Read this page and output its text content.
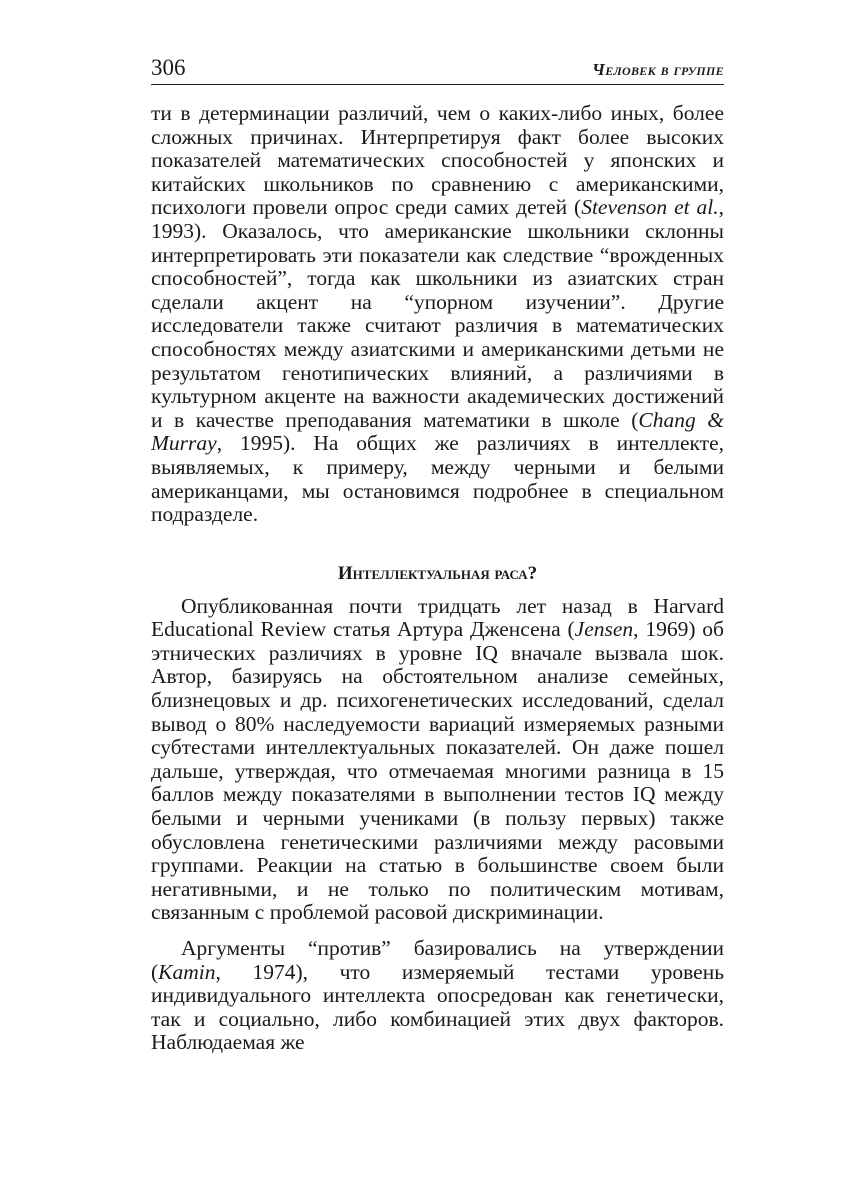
306	Человек в группе

ти в детерминации различий, чем о каких-либо иных, более сложных причинах. Интерпретируя факт более высоких показателей математических способностей у японских и китайских школьников по сравнению с американскими, психологи провели опрос среди самих детей (Stevenson et al., 1993). Оказалось, что американские школьники склонны интерпретировать эти показатели как следствие “врожденных способностей”, тогда как школьники из азиатских стран сделали акцент на “упорном изучении”. Другие исследователи также считают различия в математических способностях между азиатскими и американскими детьми не результатом генотипических влияний, а различиями в культурном акценте на важности академических достижений и в качестве преподавания математики в школе (Chang & Murray, 1995). На общих же различиях в интеллекте, выявляемых, к примеру, между черными и белыми американцами, мы остановимся подробнее в специальном подразделе.

Интеллектуальная раса?

Опубликованная почти тридцать лет назад в Harvard Educational Review статья Артура Дженсена (Jensen, 1969) об этнических различиях в уровне IQ вначале вызвала шок. Автор, базируясь на обстоятельном анализе семейных, близнецовых и др. психогенетических исследований, сделал вывод о 80% наследуемости вариаций измеряемых разными субтестами интеллектуальных показателей. Он даже пошел дальше, утверждая, что отмечаемая многими разница в 15 баллов между показателями в выполнении тестов IQ между белыми и черными учениками (в пользу первых) также обусловлена генетическими различиями между расовыми группами. Реакции на статью в большинстве своем были негативными, и не только по политическим мотивам, связанным с проблемой расовой дискриминации.

Аргументы “против” базировались на утверждении (Kamin, 1974), что измеряемый тестами уровень индивидуального интеллекта опосредован как генетически, так и социально, либо комбинацией этих двух факторов. Наблюдаемая же
